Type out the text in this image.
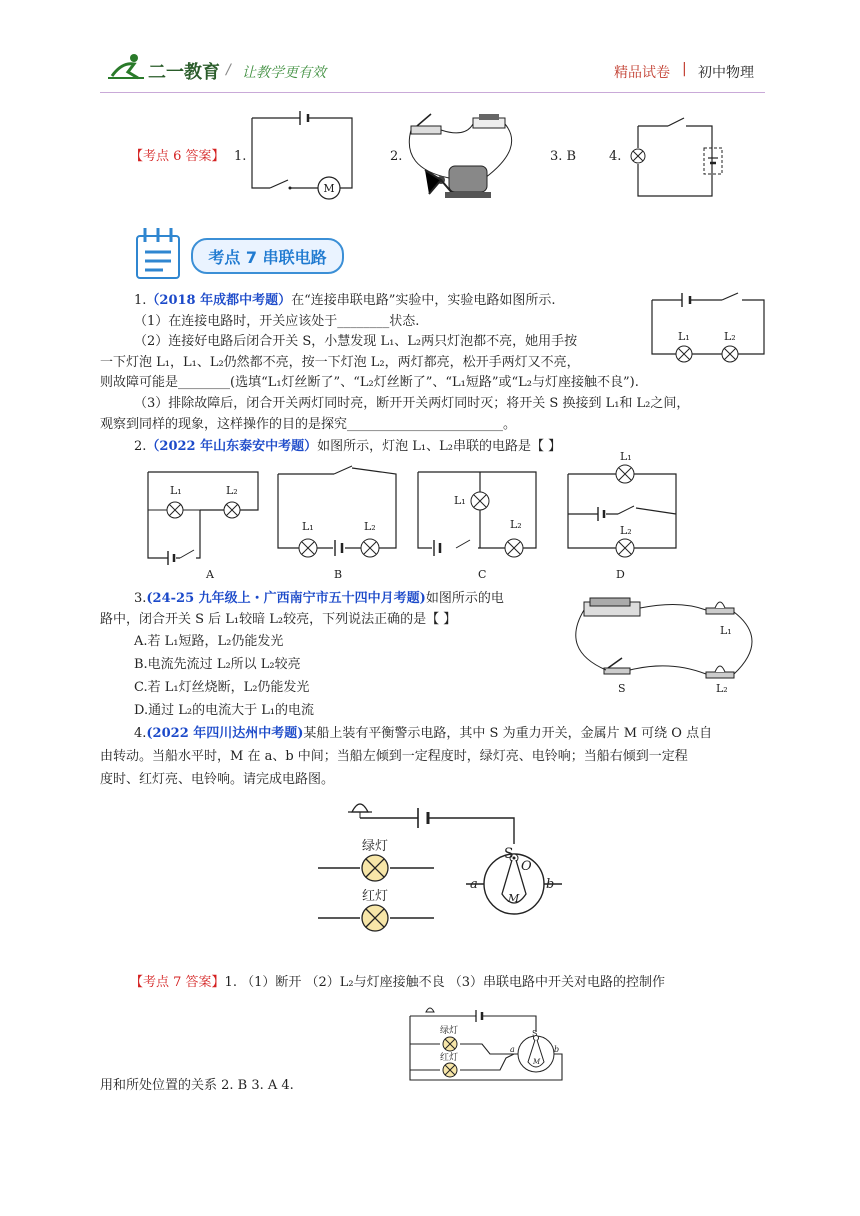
二一教育 / 让教学更有效	精品试卷 | 初中物理
【考点 6 答案】 1.
M
2.	3. B	4.
考点 7 串联电路
1.（2018 年成都中考题）在“连接串联电路”实验中，实验电路如图所示.
（1）在连接电路时，开关应该处于________状态.
（2）连接好电路后闭合开关 S，小慧发现 L₁、L₂两只灯泡都不亮，她用手按
一下灯泡 L₁，L₁、L₂仍然都不亮，按一下灯泡 L₂，两灯都亮，松开手两灯又不亮，
则故障可能是________(选填“L₁灯丝断了”、“L₂灯丝断了”、“L₁短路”或“L₂与灯座接触不良”).
（3）排除故障后，闭合开关两灯同时亮，断开开关两灯同时灭；将开关 S 换接到 L₁和 L₂之间，
观察到同样的现象，这样操作的目的是探究________________________。
L₁	L₂
2.（2022 年山东泰安中考题）如图所示，灯泡 L₁、L₂串联的电路是【 】
L₁	L₂
A
L₁	L₂
B
L₁
L₂
C
L₁
L₂
D
3.(24-25 九年级上・广西南宁市五十四中月考题)如图所示的电
路中，闭合开关 S 后 L₁较暗 L₂较亮，下列说法正确的是【 】
A.若 L₁短路，L₂仍能发光
B.电流先流过 L₂所以 L₂较亮
C.若 L₁灯丝烧断，L₂仍能发光
D.通过 L₂的电流大于 L₁的电流
L₁
L₂
S
4.(2022 年四川达州中考题)某船上装有平衡警示电路，其中 S 为重力开关，金属片 M 可绕 O 点自
由转动。当船水平时，M 在 a、b 中间；当船左倾到一定程度时，绿灯亮、电铃响；当船右倾到一定程
度时、红灯亮、电铃响。请完成电路图。
绿灯
红灯
S
O
a	b
M
【考点 7 答案】1. （1）断开 （2）L₂与灯座接触不良 （3）串联电路中开关对电路的控制作
用和所处位置的关系 2. B 3. A 4.
绿灯
红灯
S
a	b
M
